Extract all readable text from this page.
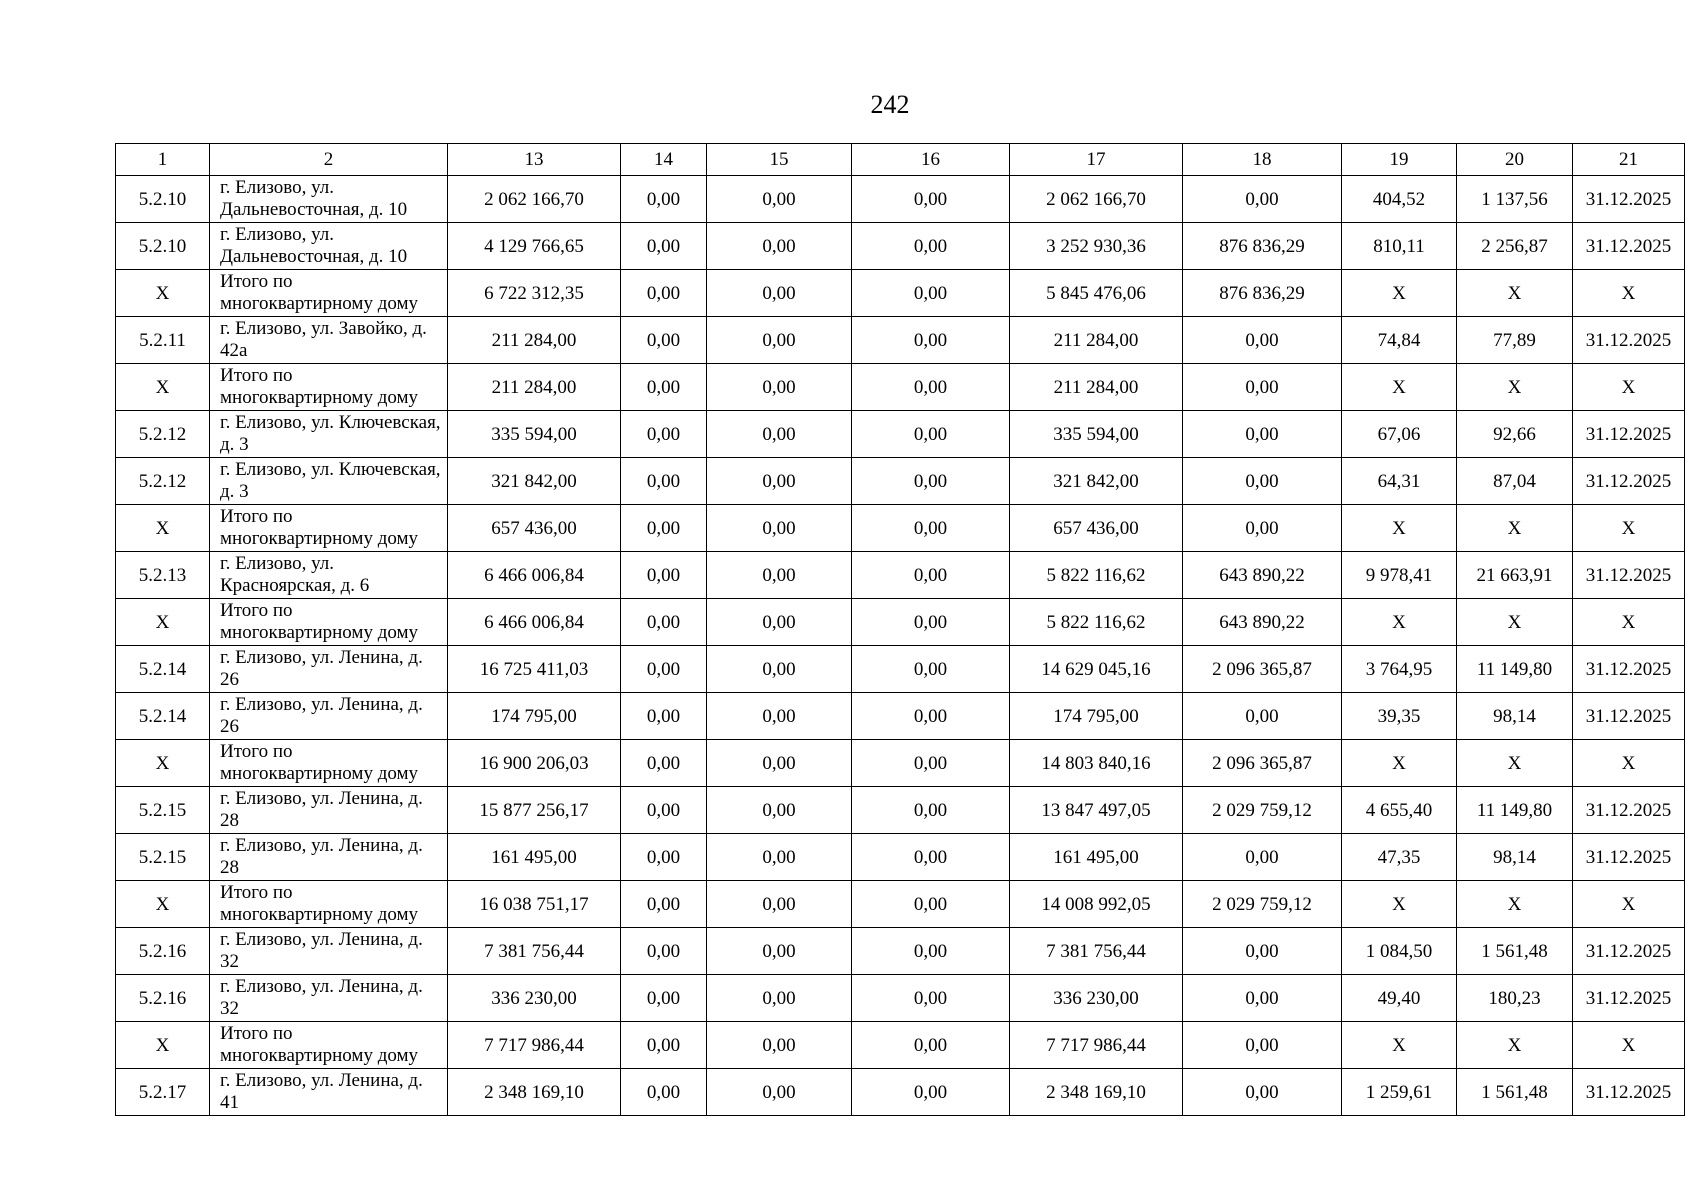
242
1	2	13	14	15	16	17	18	19	20	21
5.2.10	г. Елизово, ул. Дальневосточная, д. 10	2 062 166,70	0,00	0,00	0,00	2 062 166,70	0,00	404,52	1 137,56	31.12.2025
5.2.10	г. Елизово, ул. Дальневосточная, д. 10	4 129 766,65	0,00	0,00	0,00	3 252 930,36	876 836,29	810,11	2 256,87	31.12.2025
X	Итого по многоквартирному дому	6 722 312,35	0,00	0,00	0,00	5 845 476,06	876 836,29	X	X	X
5.2.11	г. Елизово, ул. Завойко, д. 42а	211 284,00	0,00	0,00	0,00	211 284,00	0,00	74,84	77,89	31.12.2025
X	Итого по многоквартирному дому	211 284,00	0,00	0,00	0,00	211 284,00	0,00	X	X	X
5.2.12	г. Елизово, ул. Ключевская, д. 3	335 594,00	0,00	0,00	0,00	335 594,00	0,00	67,06	92,66	31.12.2025
5.2.12	г. Елизово, ул. Ключевская, д. 3	321 842,00	0,00	0,00	0,00	321 842,00	0,00	64,31	87,04	31.12.2025
X	Итого по многоквартирному дому	657 436,00	0,00	0,00	0,00	657 436,00	0,00	X	X	X
5.2.13	г. Елизово, ул. Красноярская, д. 6	6 466 006,84	0,00	0,00	0,00	5 822 116,62	643 890,22	9 978,41	21 663,91	31.12.2025
X	Итого по многоквартирному дому	6 466 006,84	0,00	0,00	0,00	5 822 116,62	643 890,22	X	X	X
5.2.14	г. Елизово, ул. Ленина, д. 26	16 725 411,03	0,00	0,00	0,00	14 629 045,16	2 096 365,87	3 764,95	11 149,80	31.12.2025
5.2.14	г. Елизово, ул. Ленина, д. 26	174 795,00	0,00	0,00	0,00	174 795,00	0,00	39,35	98,14	31.12.2025
X	Итого по многоквартирному дому	16 900 206,03	0,00	0,00	0,00	14 803 840,16	2 096 365,87	X	X	X
5.2.15	г. Елизово, ул. Ленина, д. 28	15 877 256,17	0,00	0,00	0,00	13 847 497,05	2 029 759,12	4 655,40	11 149,80	31.12.2025
5.2.15	г. Елизово, ул. Ленина, д. 28	161 495,00	0,00	0,00	0,00	161 495,00	0,00	47,35	98,14	31.12.2025
X	Итого по многоквартирному дому	16 038 751,17	0,00	0,00	0,00	14 008 992,05	2 029 759,12	X	X	X
5.2.16	г. Елизово, ул. Ленина, д. 32	7 381 756,44	0,00	0,00	0,00	7 381 756,44	0,00	1 084,50	1 561,48	31.12.2025
5.2.16	г. Елизово, ул. Ленина, д. 32	336 230,00	0,00	0,00	0,00	336 230,00	0,00	49,40	180,23	31.12.2025
X	Итого по многоквартирному дому	7 717 986,44	0,00	0,00	0,00	7 717 986,44	0,00	X	X	X
5.2.17	г. Елизово, ул. Ленина, д. 41	2 348 169,10	0,00	0,00	0,00	2 348 169,10	0,00	1 259,61	1 561,48	31.12.2025
